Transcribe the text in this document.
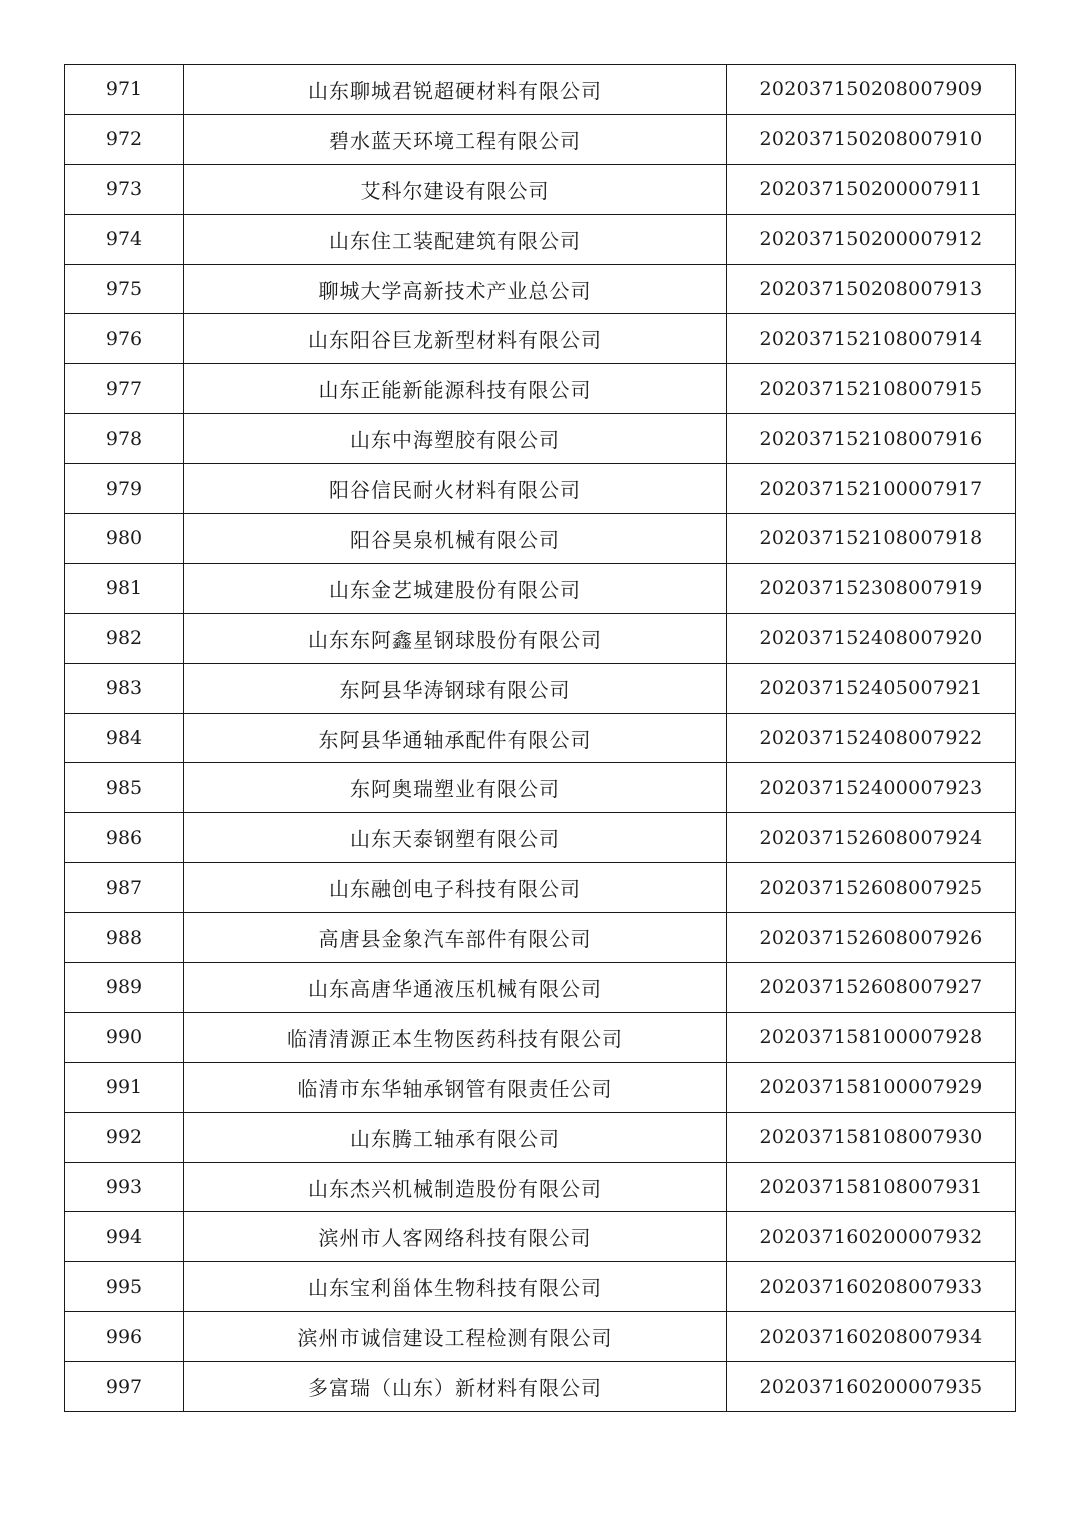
971	山东聊城君锐超硬材料有限公司	202037150208007909
972	碧水蓝天环境工程有限公司	202037150208007910
973	艾科尔建设有限公司	202037150200007911
974	山东住工装配建筑有限公司	202037150200007912
975	聊城大学高新技术产业总公司	202037150208007913
976	山东阳谷巨龙新型材料有限公司	202037152108007914
977	山东正能新能源科技有限公司	202037152108007915
978	山东中海塑胶有限公司	202037152108007916
979	阳谷信民耐火材料有限公司	202037152100007917
980	阳谷昊泉机械有限公司	202037152108007918
981	山东金艺城建股份有限公司	202037152308007919
982	山东东阿鑫星钢球股份有限公司	202037152408007920
983	东阿县华涛钢球有限公司	202037152405007921
984	东阿县华通轴承配件有限公司	202037152408007922
985	东阿奥瑞塑业有限公司	202037152400007923
986	山东天泰钢塑有限公司	202037152608007924
987	山东融创电子科技有限公司	202037152608007925
988	高唐县金象汽车部件有限公司	202037152608007926
989	山东高唐华通液压机械有限公司	202037152608007927
990	临清清源正本生物医药科技有限公司	202037158100007928
991	临清市东华轴承钢管有限责任公司	202037158100007929
992	山东腾工轴承有限公司	202037158108007930
993	山东杰兴机械制造股份有限公司	202037158108007931
994	滨州市人客网络科技有限公司	202037160200007932
995	山东宝利甾体生物科技有限公司	202037160208007933
996	滨州市诚信建设工程检测有限公司	202037160208007934
997	多富瑞（山东）新材料有限公司	202037160200007935
